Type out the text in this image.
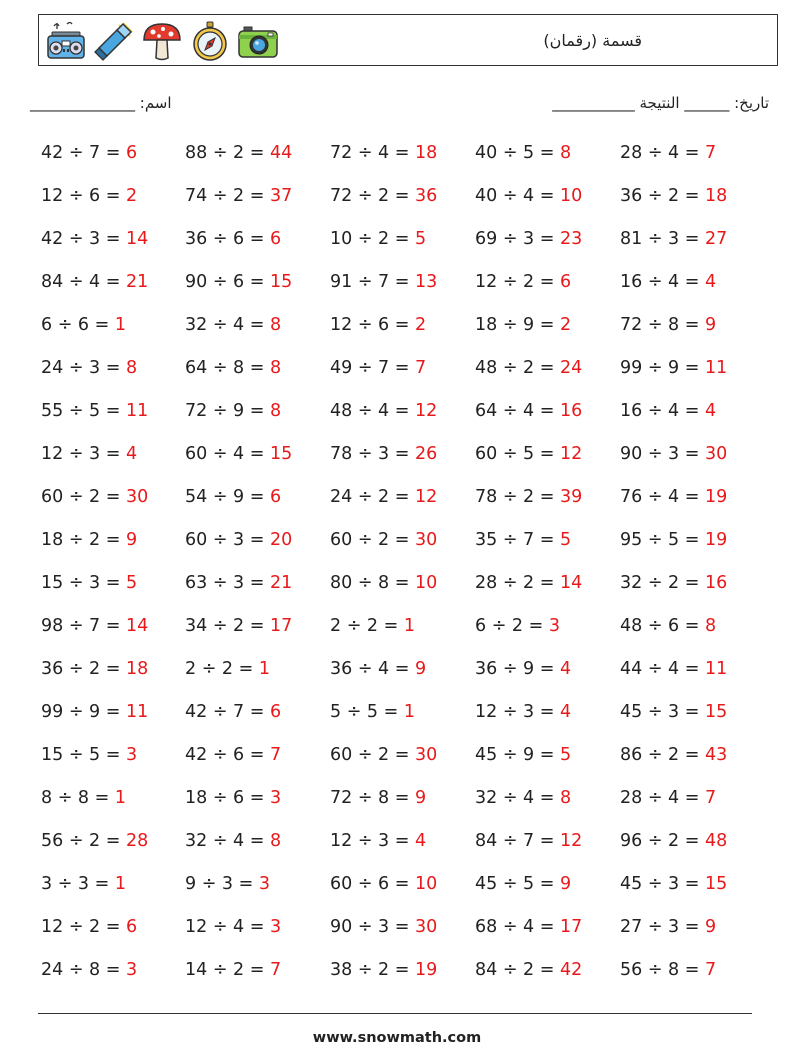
قسمة (رقمان)
اسم: ______________	تاريخ: ______ النتيجة ___________
42 ÷ 7 = 6
12 ÷ 6 = 2
42 ÷ 3 = 14
84 ÷ 4 = 21
6 ÷ 6 = 1
24 ÷ 3 = 8
55 ÷ 5 = 11
12 ÷ 3 = 4
60 ÷ 2 = 30
18 ÷ 2 = 9
15 ÷ 3 = 5
98 ÷ 7 = 14
36 ÷ 2 = 18
99 ÷ 9 = 11
15 ÷ 5 = 3
8 ÷ 8 = 1
56 ÷ 2 = 28
3 ÷ 3 = 1
12 ÷ 2 = 6
24 ÷ 8 = 3
88 ÷ 2 = 44
74 ÷ 2 = 37
36 ÷ 6 = 6
90 ÷ 6 = 15
32 ÷ 4 = 8
64 ÷ 8 = 8
72 ÷ 9 = 8
60 ÷ 4 = 15
54 ÷ 9 = 6
60 ÷ 3 = 20
63 ÷ 3 = 21
34 ÷ 2 = 17
2 ÷ 2 = 1
42 ÷ 7 = 6
42 ÷ 6 = 7
18 ÷ 6 = 3
32 ÷ 4 = 8
9 ÷ 3 = 3
12 ÷ 4 = 3
14 ÷ 2 = 7
72 ÷ 4 = 18
72 ÷ 2 = 36
10 ÷ 2 = 5
91 ÷ 7 = 13
12 ÷ 6 = 2
49 ÷ 7 = 7
48 ÷ 4 = 12
78 ÷ 3 = 26
24 ÷ 2 = 12
60 ÷ 2 = 30
80 ÷ 8 = 10
2 ÷ 2 = 1
36 ÷ 4 = 9
5 ÷ 5 = 1
60 ÷ 2 = 30
72 ÷ 8 = 9
12 ÷ 3 = 4
60 ÷ 6 = 10
90 ÷ 3 = 30
38 ÷ 2 = 19
40 ÷ 5 = 8
40 ÷ 4 = 10
69 ÷ 3 = 23
12 ÷ 2 = 6
18 ÷ 9 = 2
48 ÷ 2 = 24
64 ÷ 4 = 16
60 ÷ 5 = 12
78 ÷ 2 = 39
35 ÷ 7 = 5
28 ÷ 2 = 14
6 ÷ 2 = 3
36 ÷ 9 = 4
12 ÷ 3 = 4
45 ÷ 9 = 5
32 ÷ 4 = 8
84 ÷ 7 = 12
45 ÷ 5 = 9
68 ÷ 4 = 17
84 ÷ 2 = 42
28 ÷ 4 = 7
36 ÷ 2 = 18
81 ÷ 3 = 27
16 ÷ 4 = 4
72 ÷ 8 = 9
99 ÷ 9 = 11
16 ÷ 4 = 4
90 ÷ 3 = 30
76 ÷ 4 = 19
95 ÷ 5 = 19
32 ÷ 2 = 16
48 ÷ 6 = 8
44 ÷ 4 = 11
45 ÷ 3 = 15
86 ÷ 2 = 43
28 ÷ 4 = 7
96 ÷ 2 = 48
45 ÷ 3 = 15
27 ÷ 3 = 9
56 ÷ 8 = 7
www.snowmath.com
